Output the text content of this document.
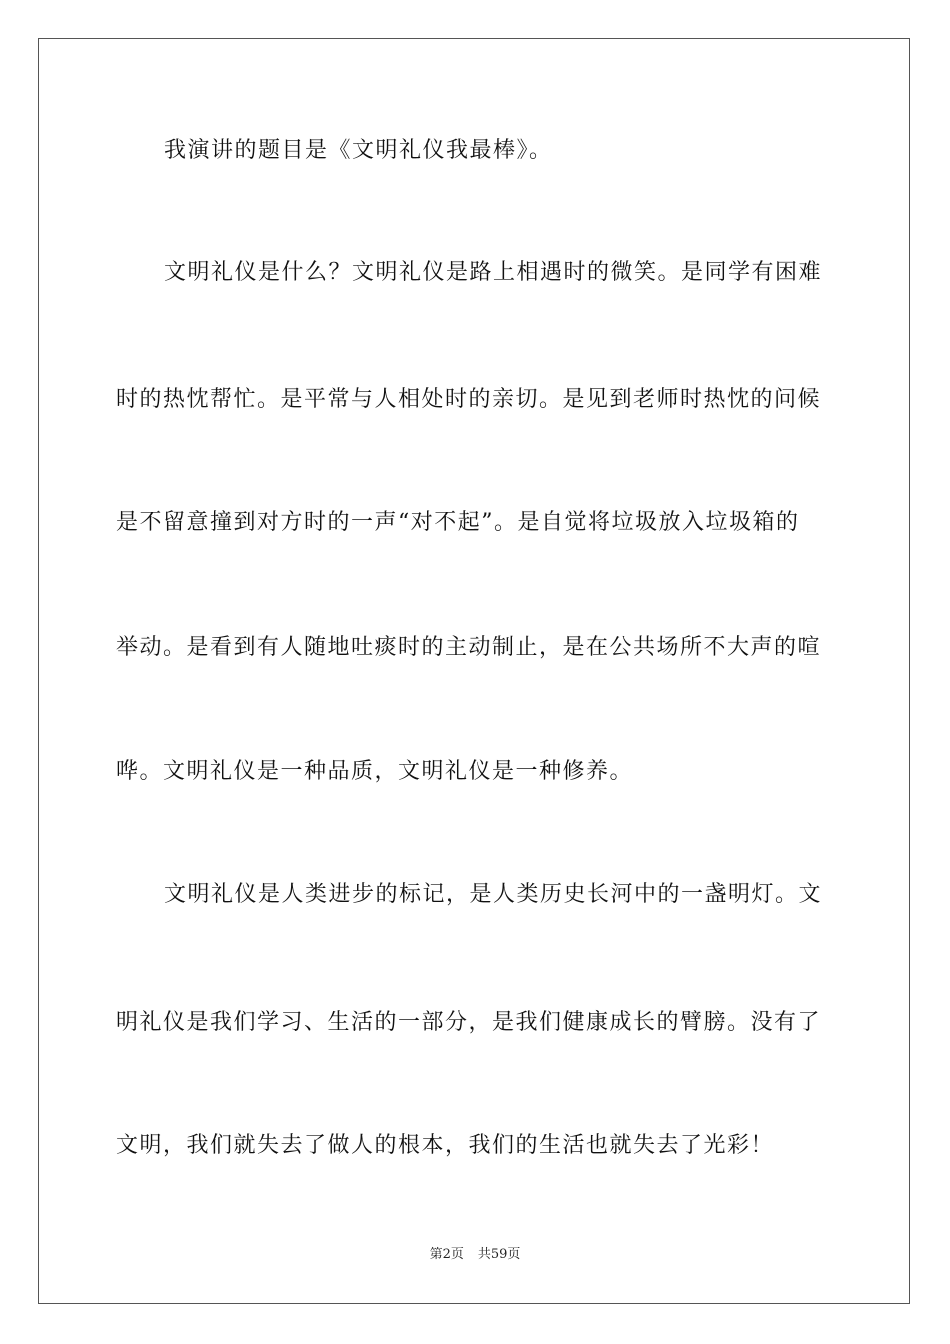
我演讲的题目是《文明礼仪我最棒》。
文明礼仪是什么？文明礼仪是路上相遇时的微笑。是同学有困难
时的热忱帮忙。是平常与人相处时的亲切。是见到老师时热忱的问候
是不留意撞到对方时的一声“对不起”。是自觉将垃圾放入垃圾箱的
举动。是看到有人随地吐痰时的主动制止，是在公共场所不大声的喧
哗。文明礼仪是一种品质，文明礼仪是一种修养。
文明礼仪是人类进步的标记，是人类历史长河中的一盏明灯。文
明礼仪是我们学习、生活的一部分，是我们健康成长的臂膀。没有了
文明，我们就失去了做人的根本，我们的生活也就失去了光彩！
第2页 共59页
